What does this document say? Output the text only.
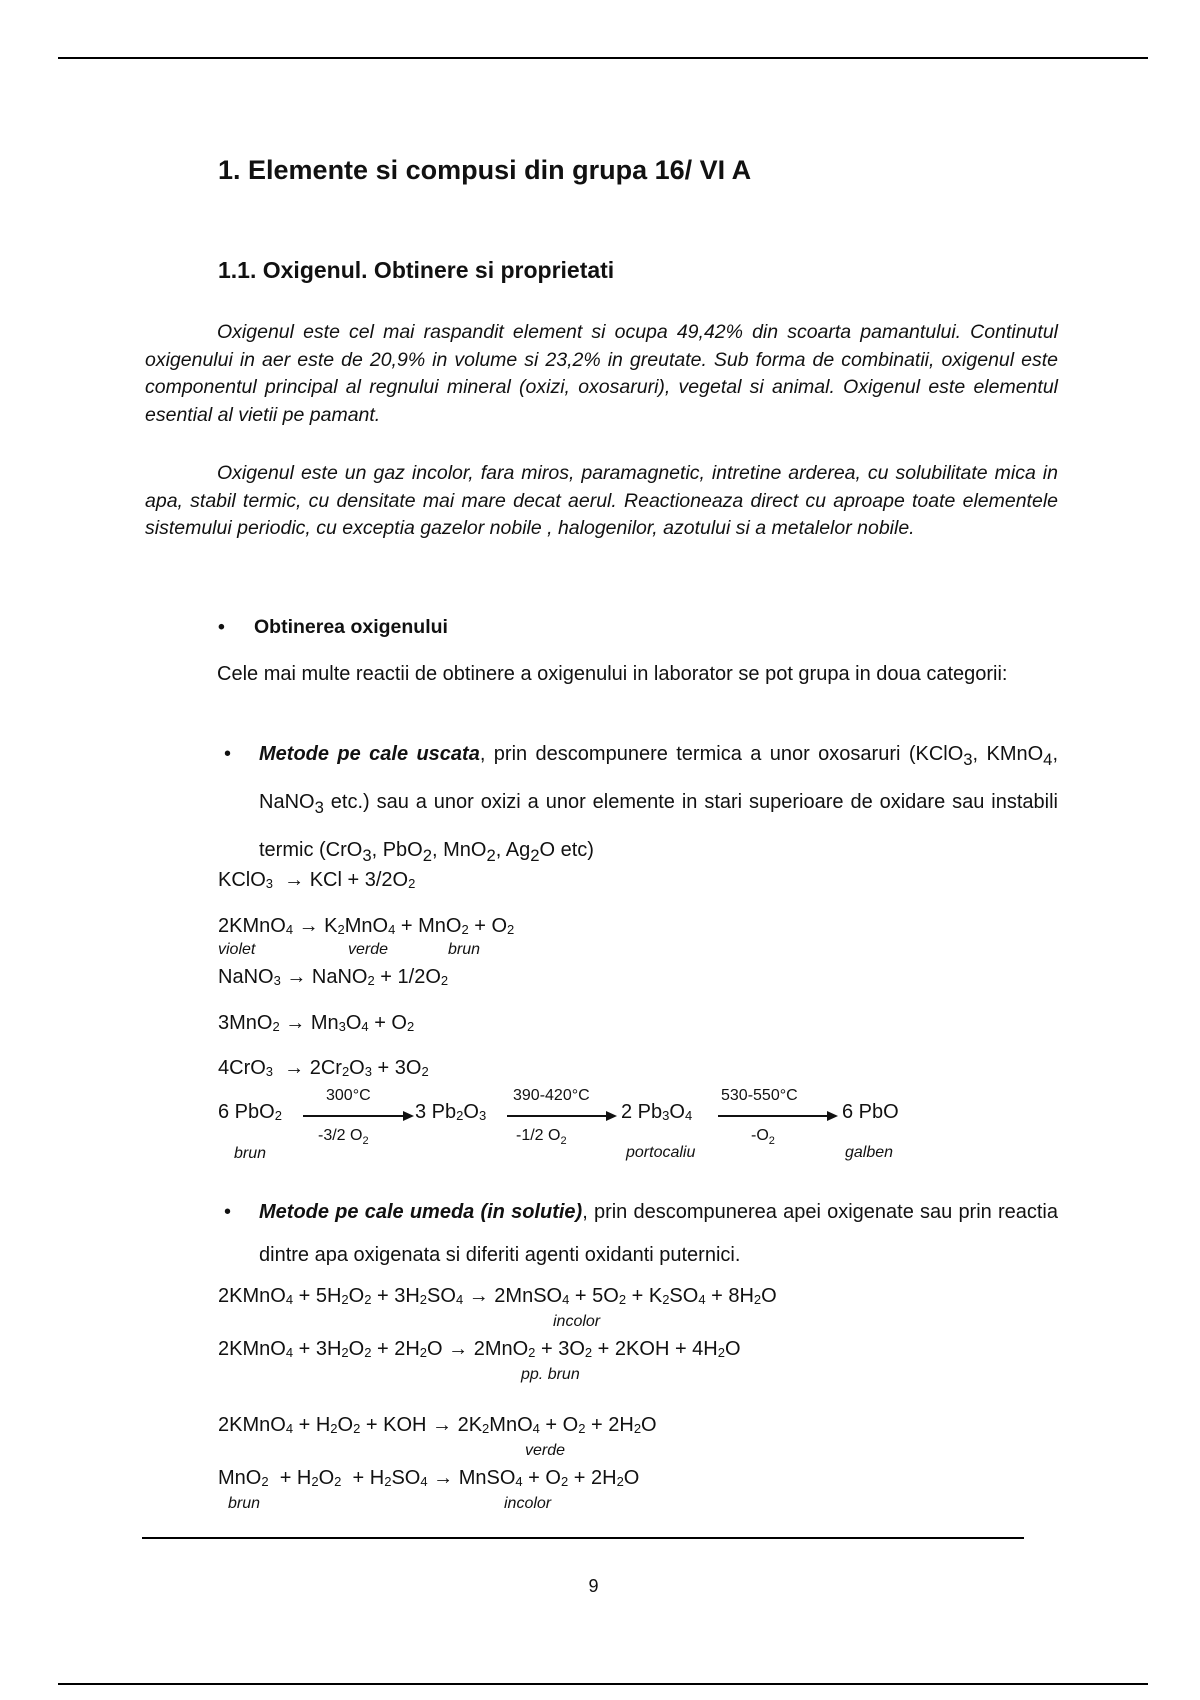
1. Elemente si compusi din grupa 16/ VI A
1.1. Oxigenul. Obtinere si proprietati

Oxigenul este cel mai raspandit element si ocupa 49,42% din scoarta pamantului. Continutul oxigenului in aer este de 20,9% in volume si 23,2% in greutate. Sub forma de combinatii, oxigenul este componentul principal al regnului mineral (oxizi, oxosaruri), vegetal si animal. Oxigenul este elementul esential al vietii pe pamant.

Oxigenul este un gaz incolor, fara miros, paramagnetic, intretine arderea, cu solubilitate mica in apa, stabil termic, cu densitate mai mare decat aerul. Reactioneaza direct cu aproape toate elementele sistemului periodic, cu exceptia gazelor nobile , halogenilor, azotului si a metalelor nobile.

• Obtinerea oxigenului

Cele mai multe reactii de obtinere a oxigenului in laborator se pot grupa in doua categorii:

•	Metode pe cale uscata, prin descompunere termica a unor oxosaruri (KClO$_3$, KMnO$_4$, NaNO$_3$ etc.) sau a unor oxizi a unor elemente in stari superioare de oxidare sau instabili termic (CrO$_3$, PbO$_2$, MnO$_2$, $Ag_2O$ etc)
KClO$_3$  → KCl + $3/2O_2$
2KMnO$_4$ → $K_2MnO_4 + MnO_2 + O_2$
violet	verde	brun
NaNO$_3$ → NaNO$_2$ + $1/2O_2$
$3MnO_2 \to Mn_3O_4 + O_2$
$4CrO_3 \to 2Cr_2O_3 + 3O_2$
6 PbO$_2$
300°C
-3/2 $O_2$
3 $Pb_2O_3$
390-420°C
-1/2 $O_2$
2 $Pb_3O_4$
530-550°C
$-O_2$
6 PbO
brun	portocaliu	galben
•	Metode pe cale umeda (in solutie), prin descompunerea apei oxigenate sau prin reactia dintre apa oxigenata si diferiti agenti oxidanti puternici.
2KMnO$_4$ + $5H_2O_2 + 3H_2SO_4$ → 2MnSO$_4$ + $5O_2 + K_2SO_4 + 8H_2O$
incolor
2KMnO$_4$ + $3H_2O_2 + 2H_2O \to 2MnO_2 + 3O_2 + 2KOH + 4H_2O$
pp. brun
2KMnO$_4$ + $H_2O_2$ + KOH → $2K_2MnO_4 + O_2 + 2H_2O$
verde
$MnO_2 + H_2O_2 + H_2SO_4$ → MnSO$_4$ + $O_2 + 2H_2O$
brun	incolor
9
